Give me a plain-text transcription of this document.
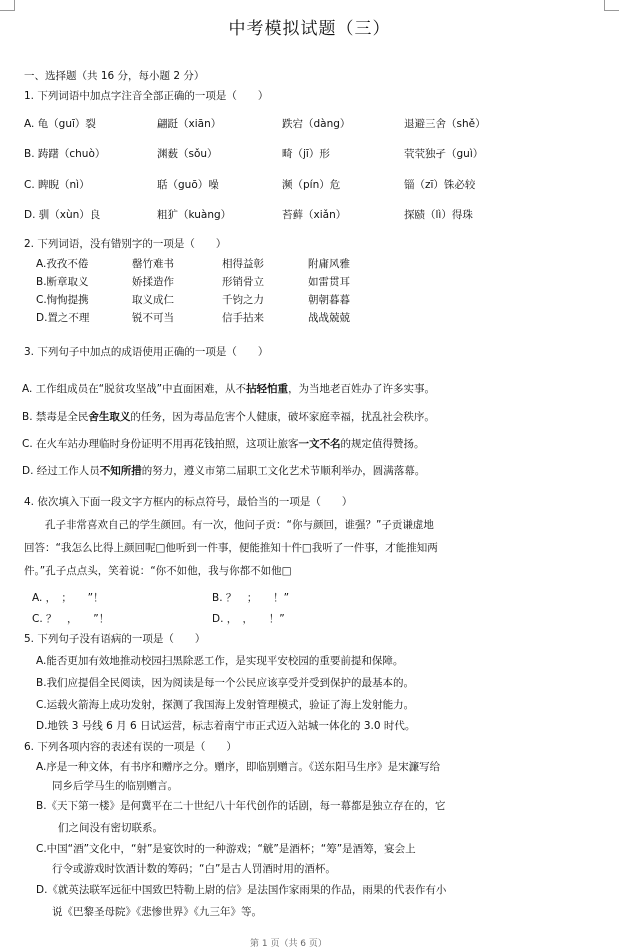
中考模拟试题（三）
一、选择题（共 16 分，每小题 2 分）
1. 下列词语中加点字注音全部正确的一项是（　　）
A. 龟（guī）裂	翩跹（xiān）	跌宕（dàng）	退避三舍（shě）
B. 踌躇（chuò）	渊薮（sǒu）	畸（jī）形	茕茕独孑（guì）
C. 睥睨（nì）	聒（guō）噪	濒（pín）危	锱（zī）铢必较
D. 驯（xùn）良	粗犷（kuàng）	苔藓（xiǎn）	探赜（lì）得珠
2. 下列词语，没有错别字的一项是（　　）
A.孜孜不倦	罄竹难书	相得益彰	附庸风雅
B.断章取义	娇揉造作	形销骨立	如雷贯耳
C.恂恂提携	取义成仁	千钧之力	朝朝暮暮
D.置之不理	锐不可当	信手拈来	战战兢兢
3. 下列句子中加点的成语使用正确的一项是（　　）
A. 工作组成员在“脱贫攻坚战”中直面困难，从不拈轻怕重，为当地老百姓办了许多实事。
B. 禁毒是全民舍生取义的任务，因为毒品危害个人健康，破坏家庭幸福，扰乱社会秩序。
C. 在火车站办理临时身份证明不用再花钱拍照，这项让旅客一文不名的规定值得赞扬。
D. 经过工作人员不知所措的努力，遵义市第二届职工文化艺术节顺利举办，圆满落幕。
4. 依次填入下面一段文字方框内的标点符号，最恰当的一项是（　　）
　　孔子非常喜欢自己的学生颜回。有一次，他问子贡：“你与颜回，谁强？”子贡谦虚地
回答：“我怎么比得上颜回呢□他听到一件事，便能推知十件□我听了一件事，才能推知两
件。”孔子点点头，笑着说：“你不如他，我与你都不如他□
A. ，　；　　”！	B. ？　；　　！”
C. ？　，　　”！	D. ，　，　　！”
5. 下列句子没有语病的一项是（　　）
A.能否更加有效地推动校园扫黑除恶工作，是实现平安校园的重要前提和保障。
B.我们应提倡全民阅读，因为阅读是每一个公民应该享受并受到保护的最基本的。
C.运载火箭海上成功发射，探测了我国海上发射管理模式，验证了海上发射能力。
D.地铁 3 号线 6 月 6 日试运营，标志着南宁市正式迈入站城一体化的 3.0 时代。
6. 下列各项内容的表述有误的一项是（　　）
A.序是一种文体，有书序和赠序之分。赠序，即临别赠言。《送东阳马生序》是宋濂写给
同乡后学马生的临别赠言。
B.《天下第一楼》是何冀平在二十世纪八十年代创作的话剧，每一幕都是独立存在的，它
们之间没有密切联系。
C.中国“酒”文化中，“射”是宴饮时的一种游戏；“觥”是酒杯；“筹”是酒筹，宴会上
行令或游戏时饮酒计数的筹码；“白”是古人罚酒时用的酒杯。
D.《就英法联军远征中国致巴特勒上尉的信》是法国作家雨果的作品，雨果的代表作有小
说《巴黎圣母院》《悲惨世界》《九三年》等。
第 1 页（共 6 页）
